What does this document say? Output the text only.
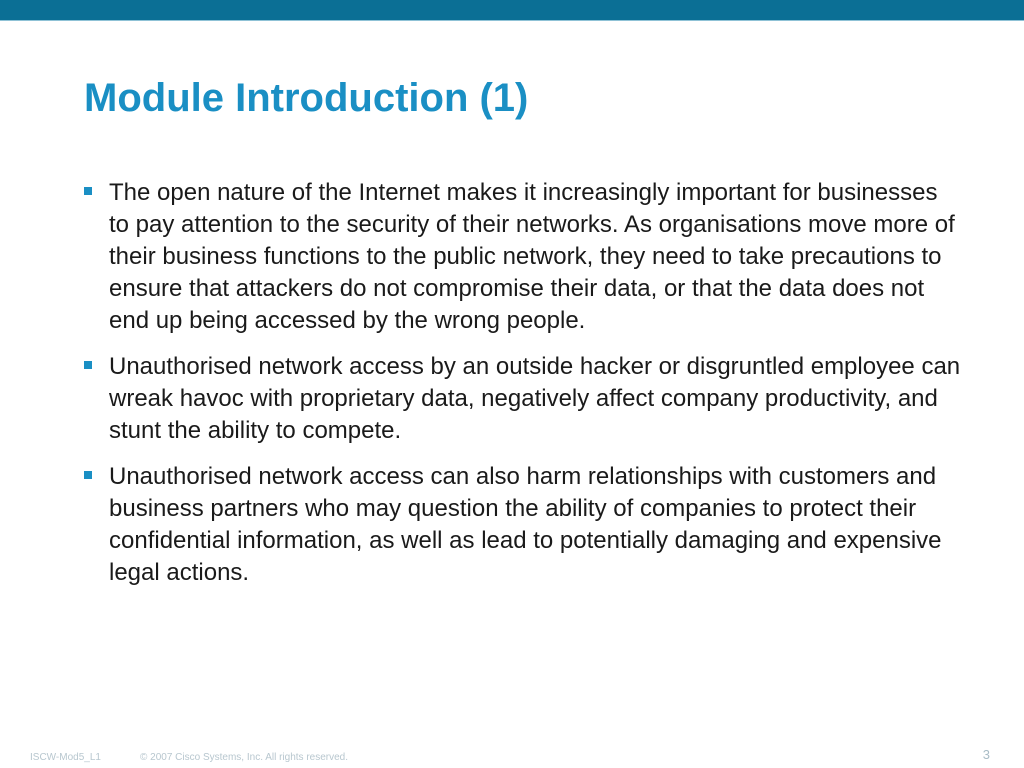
Module Introduction (1)
The open nature of the Internet makes it increasingly important for businesses to pay attention to the security of their networks. As organisations move more of their business functions to the public network, they need to take precautions to ensure that attackers do not compromise their data, or that the data does not end up being accessed by the wrong people.
Unauthorised network access by an outside hacker or disgruntled employee can wreak havoc with proprietary data, negatively affect company productivity, and stunt the ability to compete.
Unauthorised network access can also harm relationships with customers and business partners who may question the ability of companies to protect their confidential information, as well as lead to potentially damaging and expensive legal actions.
ISCW-Mod5_L1	© 2007 Cisco Systems, Inc. All rights reserved.	3
